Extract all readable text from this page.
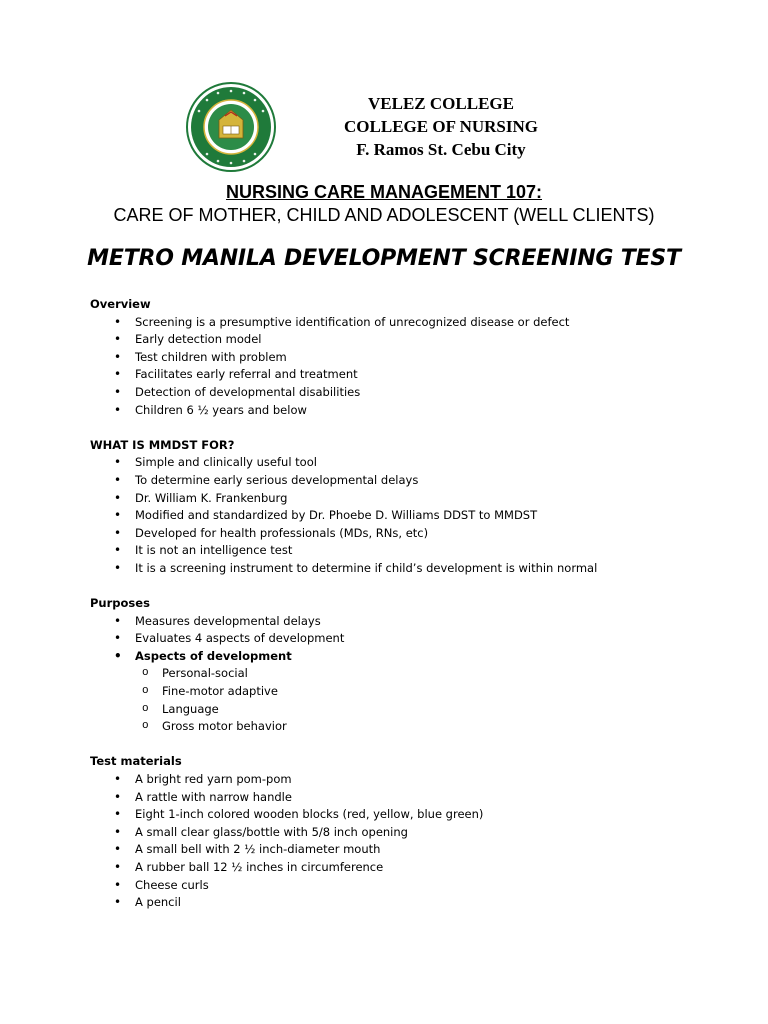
VELEZ COLLEGE
COLLEGE OF NURSING
F. Ramos St. Cebu City
NURSING CARE MANAGEMENT 107:
CARE OF MOTHER, CHILD AND ADOLESCENT (WELL CLIENTS)
METRO MANILA DEVELOPMENT SCREENING TEST
Overview
• Screening is a presumptive identification of unrecognized disease or defect
• Early detection model
• Test children with problem
• Facilitates early referral and treatment
• Detection of developmental disabilities
• Children 6 ½ years and below
WHAT IS MMDST FOR?
• Simple and clinically useful tool
• To determine early serious developmental delays
• Dr. William K. Frankenburg
• Modified and standardized by Dr. Phoebe D. Williams DDST to MMDST
• Developed for health professionals (MDs, RNs, etc)
• It is not an intelligence test
• It is a screening instrument to determine if child’s development is within normal
Purposes
• Measures developmental delays
• Evaluates 4 aspects of development
• Aspects of development
o Personal-social
o Fine-motor adaptive
o Language
o Gross motor behavior
Test materials
• A bright red yarn pom-pom
• A rattle with narrow handle
• Eight 1-inch colored wooden blocks (red, yellow, blue green)
• A small clear glass/bottle with 5/8 inch opening
• A small bell with 2 ½ inch-diameter mouth
• A rubber ball 12 ½ inches in circumference
• Cheese curls
• A pencil
